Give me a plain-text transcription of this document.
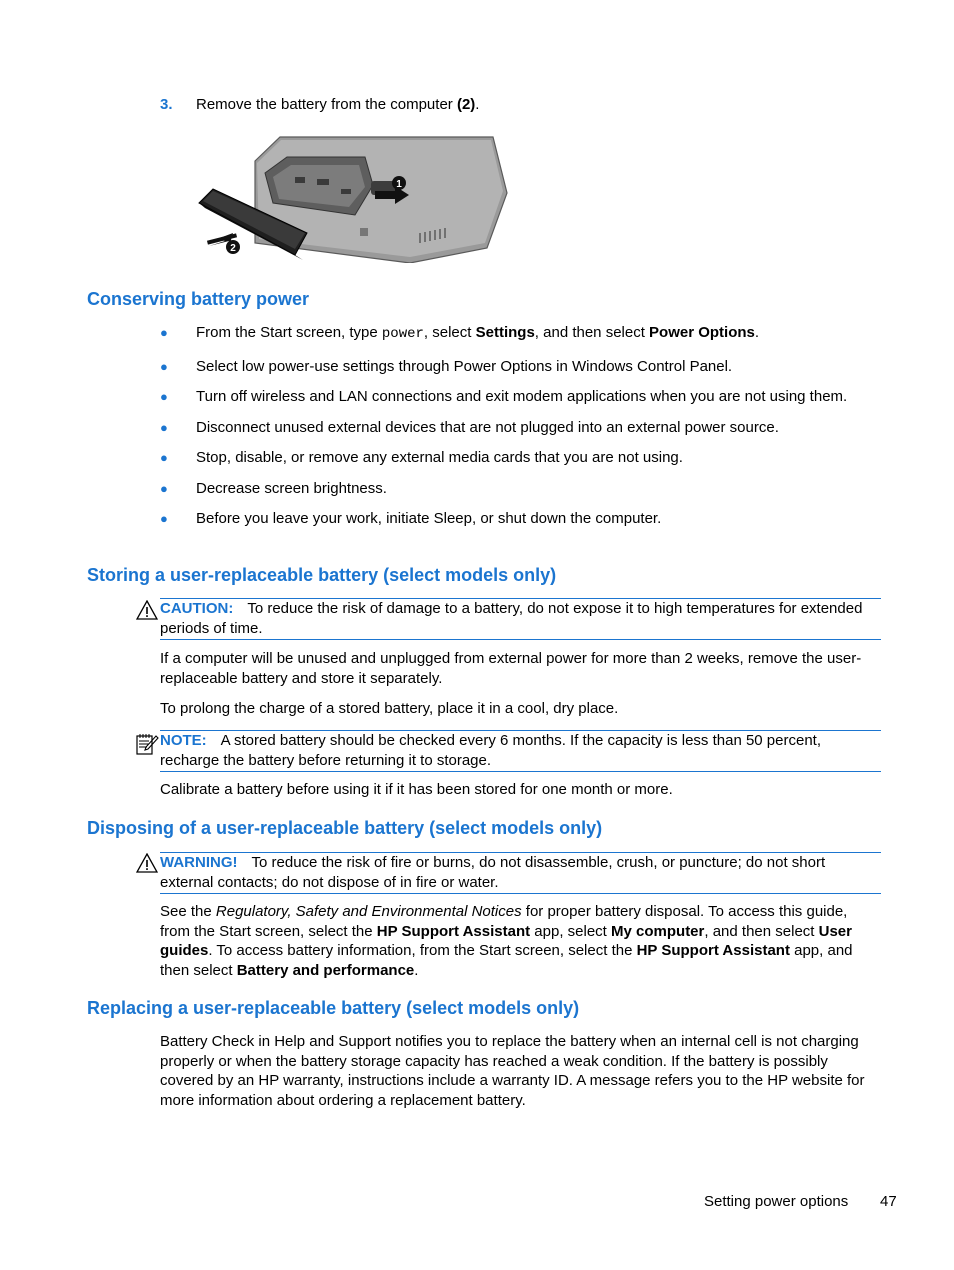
3. Remove the battery from the computer (2).
1
2
Conserving battery power

● From the Start screen, type power, select Settings, and then select Power Options.

● Select low power-use settings through Power Options in Windows Control Panel.

● Turn off wireless and LAN connections and exit modem applications when you are not using them.

● Disconnect unused external devices that are not plugged into an external power source.

● Stop, disable, or remove any external media cards that you are not using.

● Decrease screen brightness.

● Before you leave your work, initiate Sleep, or shut down the computer.

Storing a user-replaceable battery (select models only)
CAUTION: To reduce the risk of damage to a battery, do not expose it to high temperatures for extended periods of time.

If a computer will be unused and unplugged from external power for more than 2 weeks, remove the user-replaceable battery and store it separately.

To prolong the charge of a stored battery, place it in a cool, dry place.

NOTE: A stored battery should be checked every 6 months. If the capacity is less than 50 percent, recharge the battery before returning it to storage.

Calibrate a battery before using it if it has been stored for one month or more.

Disposing of a user-replaceable battery (select models only)
WARNING! To reduce the risk of fire or burns, do not disassemble, crush, or puncture; do not short external contacts; do not dispose of in fire or water.

See the Regulatory, Safety and Environmental Notices for proper battery disposal. To access this guide, from the Start screen, select the HP Support Assistant app, select My computer, and then select User guides. To access battery information, from the Start screen, select the HP Support Assistant app, and then select Battery and performance.

Replacing a user-replaceable battery (select models only)

Battery Check in Help and Support notifies you to replace the battery when an internal cell is not charging properly or when the battery storage capacity has reached a weak condition. If the battery is possibly covered by an HP warranty, instructions include a warranty ID. A message refers you to the HP website for more information about ordering a replacement battery.

Setting power options 47
